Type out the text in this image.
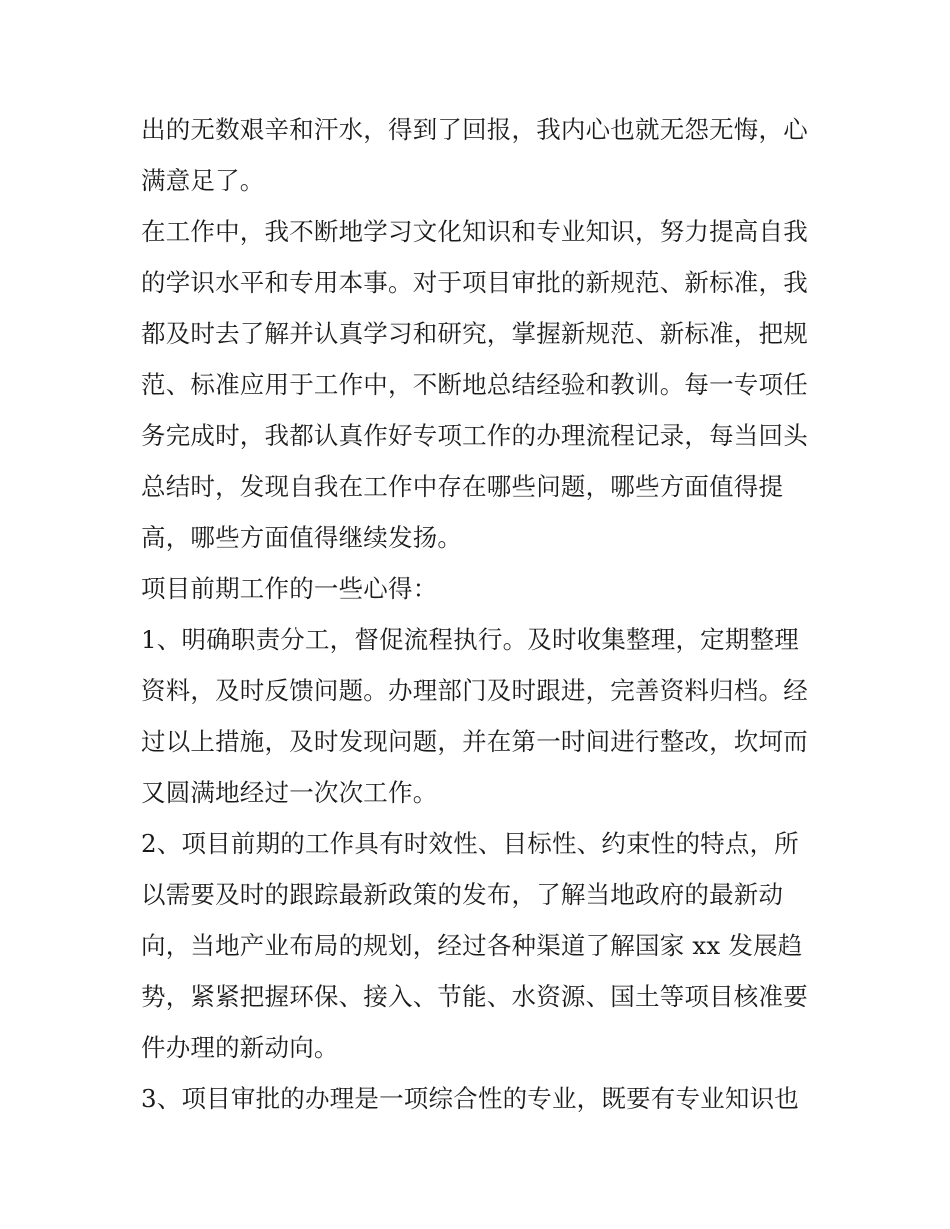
出的无数艰辛和汗水，得到了回报，我内心也就无怨无悔，心
满意足了。
在工作中，我不断地学习文化知识和专业知识，努力提高自我
的学识水平和专用本事。对于项目审批的新规范、新标准，我
都及时去了解并认真学习和研究，掌握新规范、新标准，把规
范、标准应用于工作中，不断地总结经验和教训。每一专项任
务完成时，我都认真作好专项工作的办理流程记录，每当回头
总结时，发现自我在工作中存在哪些问题，哪些方面值得提
高，哪些方面值得继续发扬。
项目前期工作的一些心得：
1、明确职责分工，督促流程执行。及时收集整理，定期整理
资料，及时反馈问题。办理部门及时跟进，完善资料归档。经
过以上措施，及时发现问题，并在第一时间进行整改，坎坷而
又圆满地经过一次次工作。
2、项目前期的工作具有时效性、目标性、约束性的特点，所
以需要及时的跟踪最新政策的发布，了解当地政府的最新动
向，当地产业布局的规划，经过各种渠道了解国家 xx 发展趋
势，紧紧把握环保、接入、节能、水资源、国土等项目核准要
件办理的新动向。
3、项目审批的办理是一项综合性的专业，既要有专业知识也
